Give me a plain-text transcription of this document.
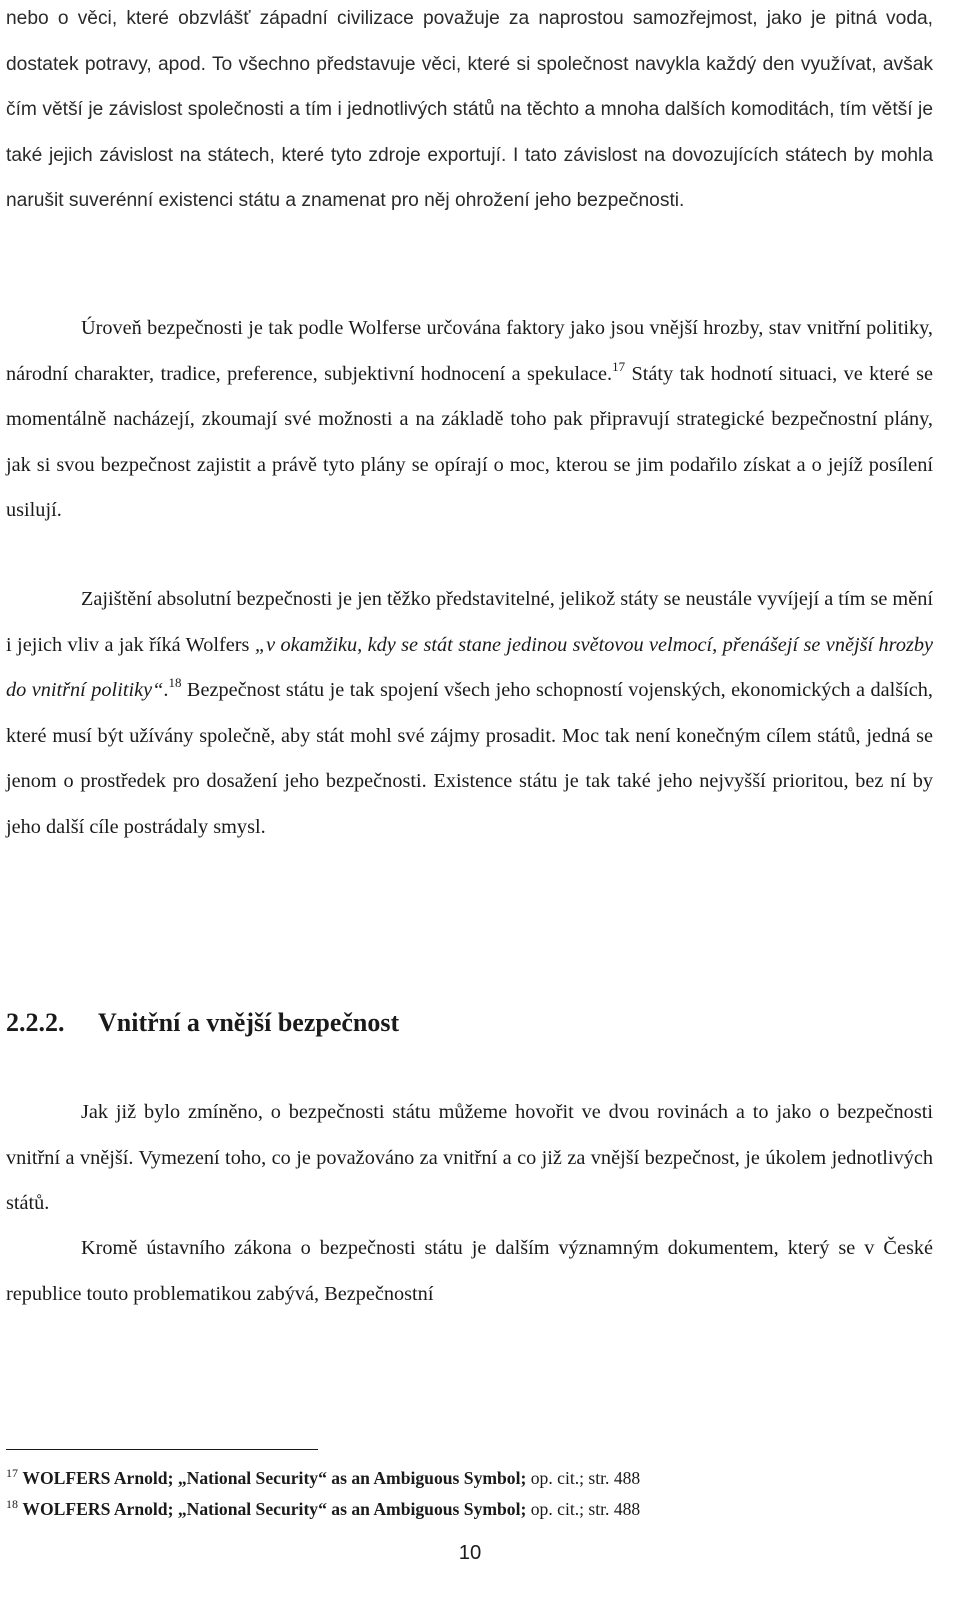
nebo o věci, které obzvlášť západní civilizace považuje za naprostou samozřejmost, jako je pitná voda, dostatek potravy, apod. To všechno představuje věci, které si společnost navykla každý den využívat, avšak čím větší je závislost společnosti a tím i jednotlivých států na těchto a mnoha dalších komoditách, tím větší je také jejich závislost na státech, které tyto zdroje exportují. I tato závislost na dovozujících státech by mohla narušit suverénní existenci státu a znamenat pro něj ohrožení jeho bezpečnosti.

Úroveň bezpečnosti je tak podle Wolferse určována faktory jako jsou vnější hrozby, stav vnitřní politiky, národní charakter, tradice, preference, subjektivní hodnocení a spekulace.$^{17}$ Státy tak hodnotí situaci, ve které se momentálně nacházejí, zkoumají své možnosti a na základě toho pak připravují strategické bezpečnostní plány, jak si svou bezpečnost zajistit a právě tyto plány se opírají o moc, kterou se jim podařilo získat a o jejíž posílení usilují.

Zajištění absolutní bezpečnosti je jen těžko představitelné, jelikož státy se neustále vyvíjejí a tím se mění i jejich vliv a jak říká Wolfers „v okamžiku, kdy se stát stane jedinou světovou velmocí, přenášejí se vnější hrozby do vnitřní politiky“.$^{18}$ Bezpečnost státu je tak spojení všech jeho schopností vojenských, ekonomických a dalších, které musí být užívány společně, aby stát mohl své zájmy prosadit. Moc tak není konečným cílem států, jedná se jenom o prostředek pro dosažení jeho bezpečnosti. Existence státu je tak také jeho nejvyšší prioritou, bez ní by jeho další cíle postrádaly smysl.

Jak již bylo zmíněno, o bezpečnosti státu můžeme hovořit ve dvou rovinách a to jako o bezpečnosti vnitřní a vnější. Vymezení toho, co je považováno za vnitřní a co již za vnější bezpečnost, je úkolem jednotlivých států.

Kromě ústavního zákona o bezpečnosti státu je dalším významným dokumentem, který se v České republice touto problematikou zabývá, Bezpečnostní

2.2.2. Vnitřní a vnější bezpečnost

$^{17}$ WOLFERS Arnold; „National Security“ as an Ambiguous Symbol; op. cit.; str. 488

$^{18}$ WOLFERS Arnold; „National Security“ as an Ambiguous Symbol; op. cit.; str. 488

10
